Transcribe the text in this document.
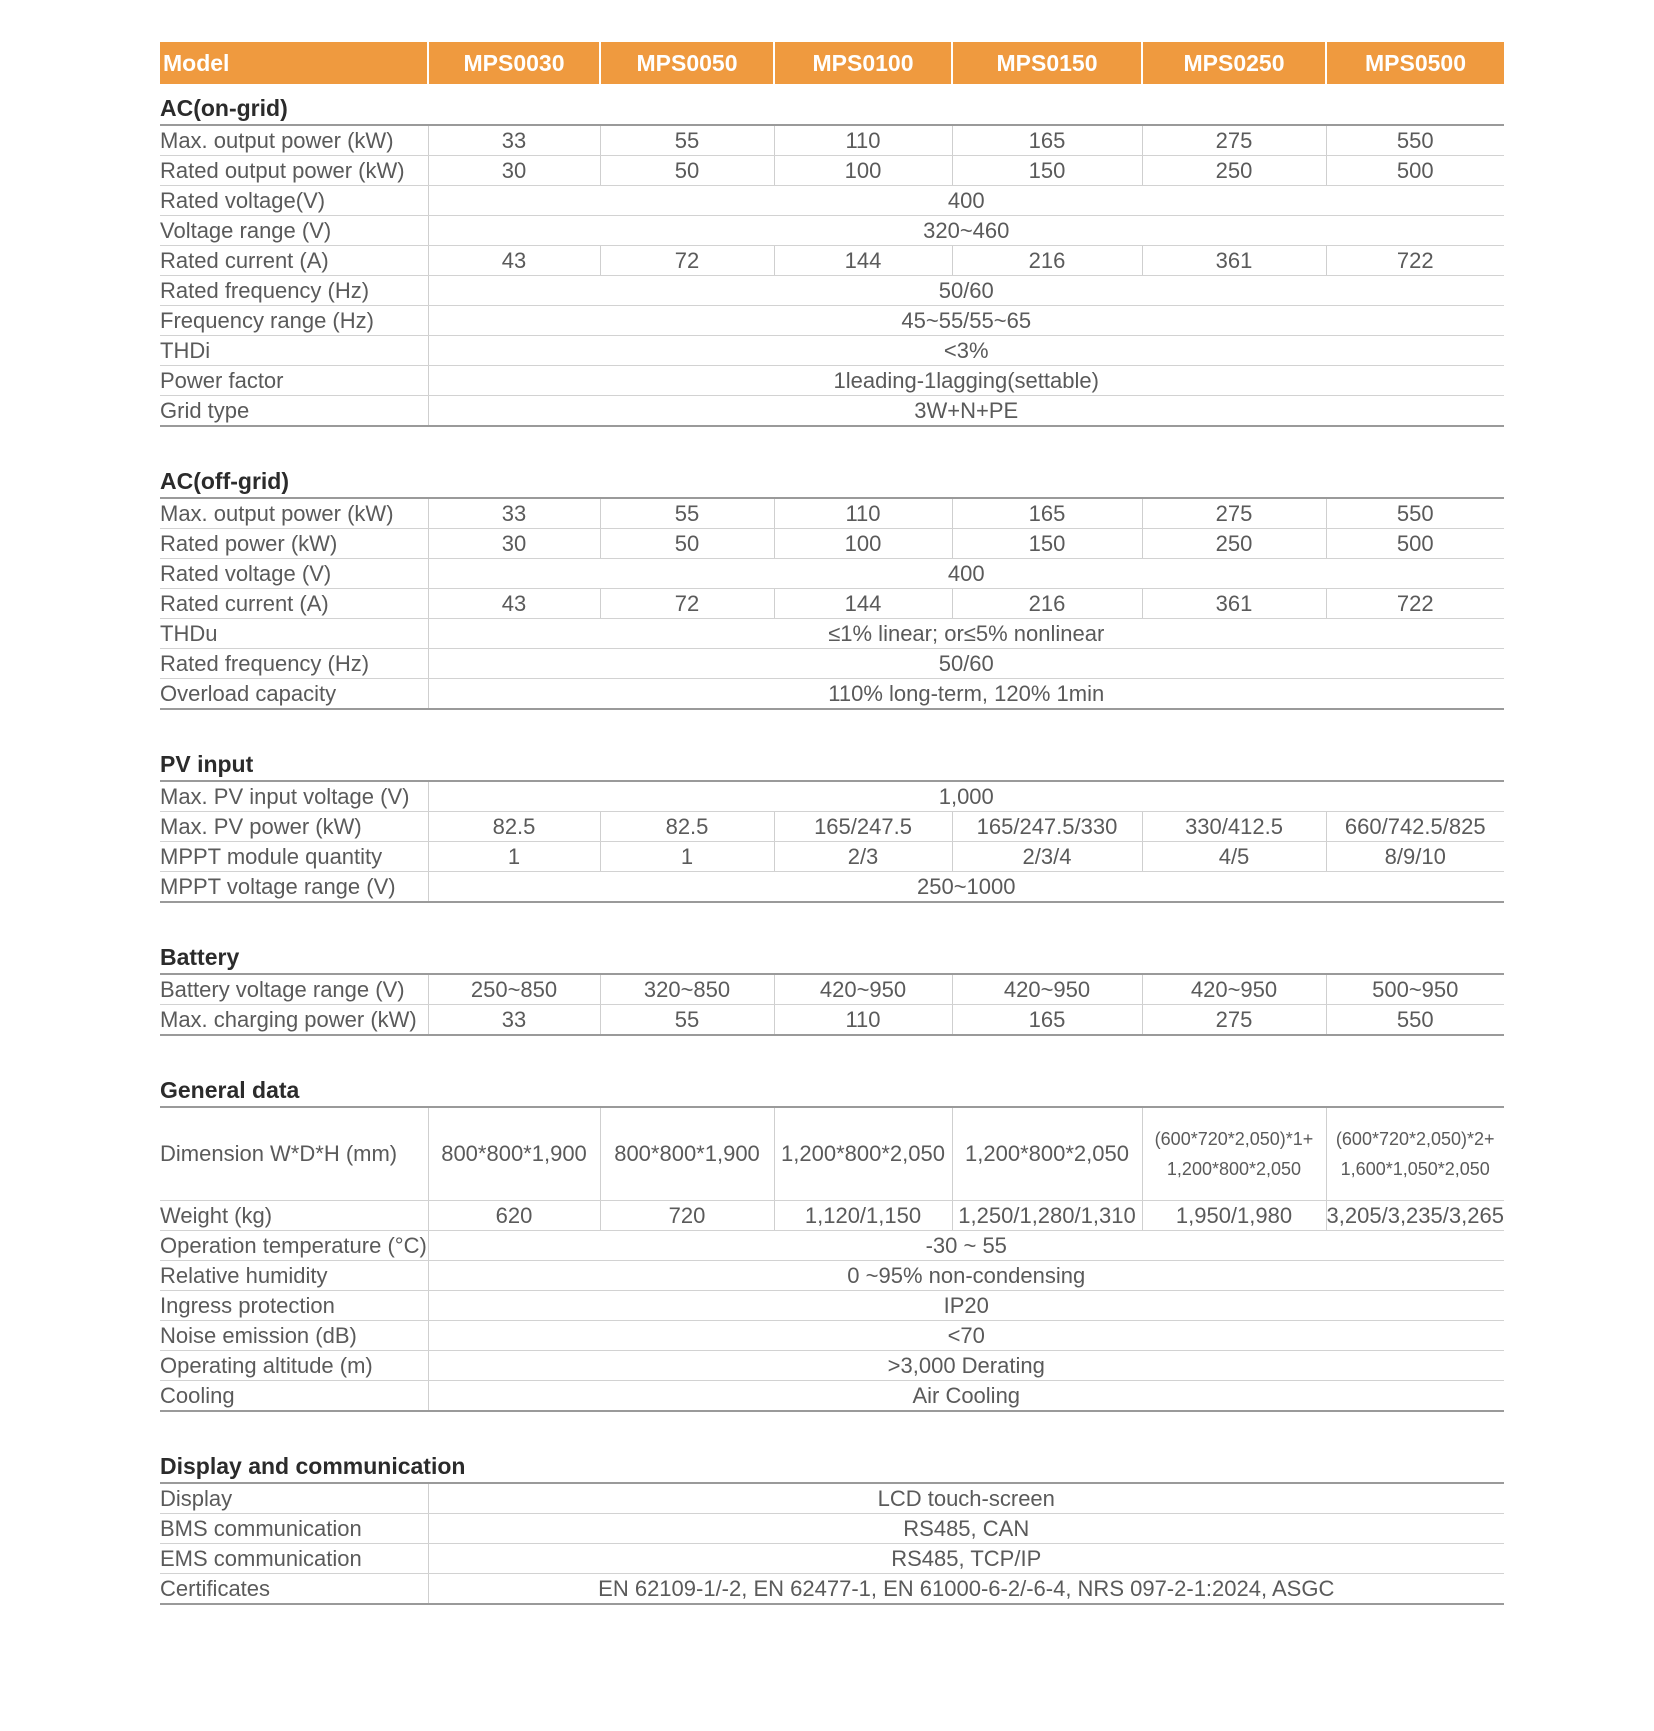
Model	MPS0030	MPS0050	MPS0100	MPS0150	MPS0250	MPS0500
AC(on-grid)						
Max. output power (kW)	33	55	110	165	275	550
Rated output power (kW)	30	50	100	150	250	500
Rated voltage(V)	400					
Voltage range (V)	320~460					
Rated current (A)	43	72	144	216	361	722
Rated frequency (Hz)	50/60					
Frequency range (Hz)	45~55/55~65					
THDi	<3%					
Power factor	1leading-1lagging(settable)					
Grid type	3W+N+PE					

AC(off-grid)						
Max. output power (kW)	33	55	110	165	275	550
Rated power (kW)	30	50	100	150	250	500
Rated voltage (V)	400					
Rated current (A)	43	72	144	216	361	722
THDu	≤1% linear; or≤5% nonlinear					
Rated frequency (Hz)	50/60					
Overload capacity	110% long-term, 120% 1min					

PV input						
Max. PV input voltage (V)	1,000					
Max. PV power (kW)	82.5	82.5	165/247.5	165/247.5/330	330/412.5	660/742.5/825
MPPT module quantity	1	1	2/3	2/3/4	4/5	8/9/10
MPPT voltage range (V)	250~1000					

Battery						
Battery voltage range (V)	250~850	320~850	420~950	420~950	420~950	500~950
Max. charging power (kW)	33	55	110	165	275	550

General data						
Dimension W*D*H (mm)	800*800*1,900	800*800*1,900	1,200*800*2,050	1,200*800*2,050	(600*720*2,050)*1+ 1,200*800*2,050	(600*720*2,050)*2+ 1,600*1,050*2,050

Weight (kg)	620	720	1,120/1,150	1,250/1,280/1,310	1,950/1,980	3,205/3,235/3,265
Operation temperature (°C)	-30 ~ 55					
Relative humidity	0 ~95% non-condensing					
Ingress protection	IP20					
Noise emission (dB)	<70					
Operating altitude (m)	>3,000 Derating					
Cooling	Air Cooling					

Display and communication						
Display	LCD touch-screen					
BMS communication	RS485, CAN					
EMS communication	RS485, TCP/IP					
Certificates	EN 62109-1/-2, EN 62477-1, EN 61000-6-2/-6-4, NRS 097-2-1:2024, ASGC					
